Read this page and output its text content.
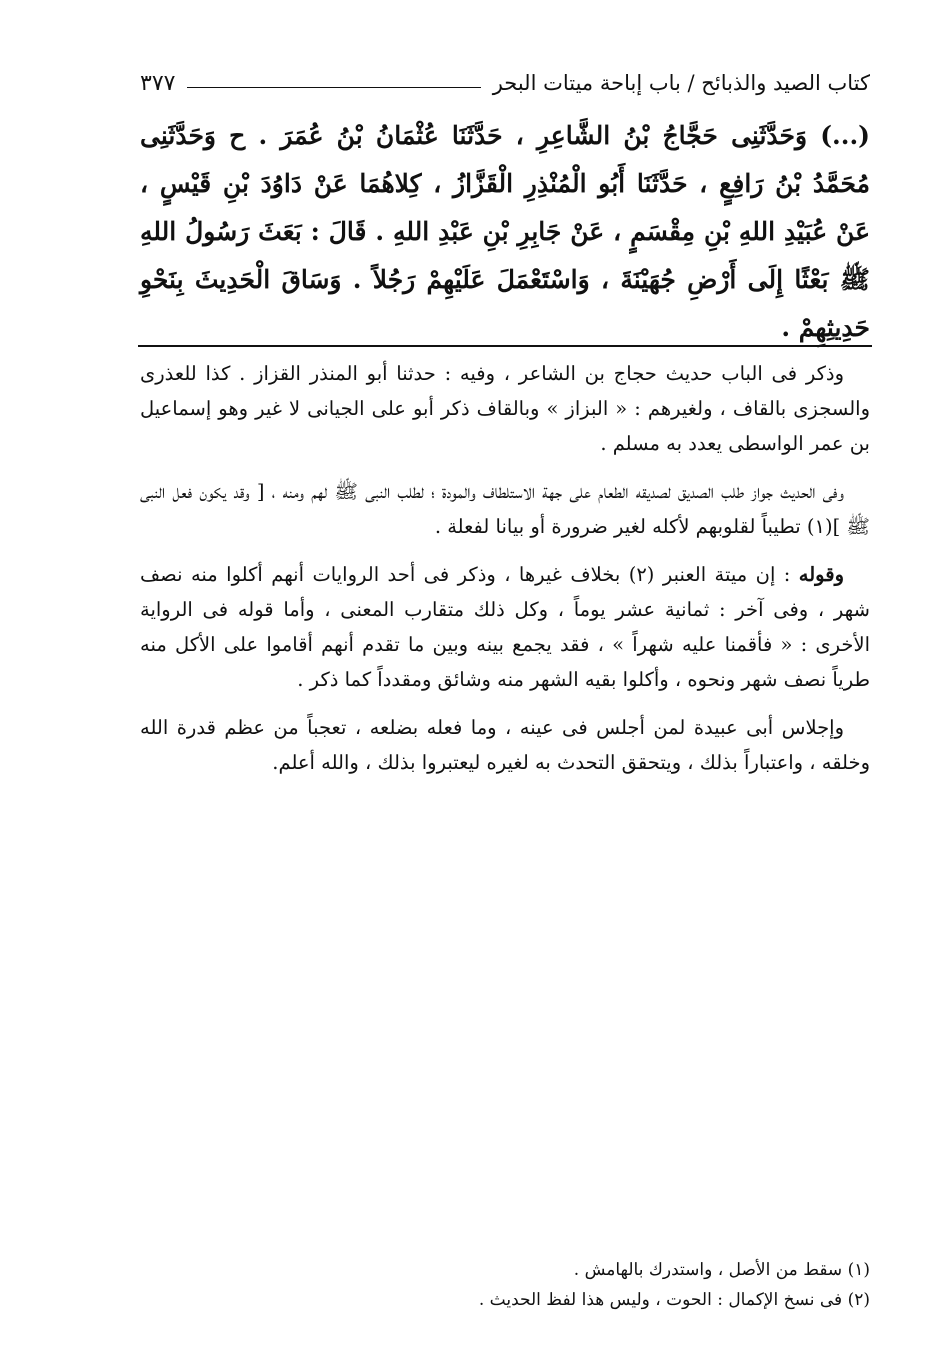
كتاب الصيد والذبائح / باب إباحة ميتات البحر
٣٧٧

(...) وَحَدَّثَنِى حَجَّاجُ بْنُ الشَّاعِرِ ، حَدَّثَنَا عُثْمَانُ بْنُ عُمَرَ . ح وَحَدَّثَنِى مُحَمَّدُ بْنُ رَافِعٍ ، حَدَّثَنَا أَبُو الْمُنْذِرِ الْقَزَّازُ ، كِلاهُمَا عَنْ دَاوُدَ بْنِ قَيْسٍ ، عَنْ عُبَيْدِ اللهِ بْنِ مِقْسَمٍ ، عَنْ جَابِرِ بْنِ عَبْدِ اللهِ . قَالَ : بَعَثَ رَسُولُ اللهِ ﷺ بَعْثًا إِلَى أَرْضِ جُهَيْنَةَ ، وَاسْتَعْمَلَ عَلَيْهِمْ رَجُلاً . وَسَاقَ الْحَدِيثَ بِنَحْوِ حَدِيثِهِمْ .

وذكر فى الباب حديث حجاج بن الشاعر ، وفيه : حدثنا أبو المنذر القزاز . كذا للعذرى والسجزى بالقاف ، ولغيرهم : « البزاز » وبالقاف ذكر أبو على الجيانى لا غير وهو إسماعيل بن عمر الواسطى يعدد به مسلم .

وفى الحديث جواز طلب الصديق لصديقه الطعام على جهة الاستلطاف والمودة ؛ لطلب النبى ﷺ لهم ومنه ، [ وقد يكون فعل النبى ﷺ ](١) تطيباً لقلوبهم لأكله لغير ضرورة أو بيانا لفعلة .

وقوله : إن ميتة العنبر (٢) بخلاف غيرها ، وذكر فى أحد الروايات أنهم أكلوا منه نصف شهر ، وفى آخر : ثمانية عشر يوماً ، وكل ذلك متقارب المعنى ، وأما قوله فى الرواية الأخرى : « فأقمنا عليه شهراً » ، فقد يجمع بينه وبين ما تقدم أنهم أقاموا على الأكل منه طرياً نصف شهر ونحوه ، وأكلوا بقيه الشهر منه وشائق ومقدداً كما ذكر .

وإجلاس أبى عبيدة لمن أجلس فى عينه ، وما فعله بضلعه ، تعجباً من عظم قدرة الله وخلقه ، واعتباراً بذلك ، ويتحقق التحدث به لغيره ليعتبروا بذلك ، والله أعلم.

(١) سقط من الأصل ، واستدرك بالهامش .

(٢) فى نسخ الإكمال : الحوت ، وليس هذا لفظ الحديث .
